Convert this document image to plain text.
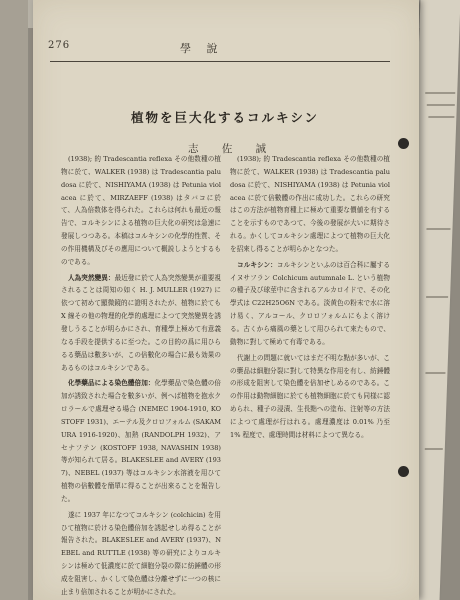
276	學 說
植物を巨大化するコルキシン
志 佐 誠

(1938); 的 Tradescantia reflexa その他数種の植物に於て、WALKER (1938) は Tradescantia paludosa に於て、NISHIYAMA (1938) は Petunia violacea に於て、MIRZAEFF (1938) はタバコに於て、人為倍数体を得られた。これらは何れも最近の報告で、コルキシンによる植物の巨大化の研究は急速に發展しつつある。本稿はコルキシンの化學的性質、その作用機構及びその應用について概説しようとするものである。

人為突然變異：最近發に於て人為突然變異が重要視されることは周知の如く H. J. MULLER (1927) に依つて初めて顯微鏡的に證明されたが、植物に於ても X 線その他の物理的化學的處理によつて突然變異を誘發しうることが明らかにされ、育種學上極めて有意義なる手段を提供するに至つた。この目的の爲に用ひらるる藥品は數多いが、この倍數化の場合に最も効果のあるものはコルキシンである。

化學藥品による染色體倍加：化學藥品で染色體の倍加が誘致された場合を數多いが、例へば植物を抱水クロラールで處理せる場合 (NEMEC 1904-1910, KOSTOFF 1931)、エーテル及クロロフォルム (SAKAMURA 1916-1920)、加熱 (RANDOLPH 1932)、アセナフテン (KOSTOFF 1938, NAVASHIN 1938) 等が知られて居る。BLAKESLEE and AVERY (1937)、NEBEL (1937) 等はコルキシン水溶液を用ひて植物の倍數體を簡單に得ることが出來ることを報告した。

遂に 1937 年になつてコルキシン (colchicin) を用ひて植物に於ける染色體倍加を誘起せしめ得ることが報告された。BLAKESLEE and AVERY (1937)、NEBEL and RUTTLE (1938) 等の研究によりコルキシンは極めて低濃度に於て細胞分裂の際に紡錘體の形成を阻害し、かくして染色體は分離せずに一つの核に止まり倍加されることが明かにされた。

(1938); 的 Tradescantia reflexa その他数種の植物に於て、WALKER (1938) は Tradescantia paludosa に於て、NISHIYAMA (1938) は Petunia violacea に於て倍數體の作出に成功した。これらの研究はこの方法が植物育種上に極めて重要な價値を有することを示すものであつて、今後の發展が大いに期待される。かくしてコルキシン處理によつて植物の巨大化を招來し得ることが明らかとなつた。

コルキシン：コルキシンといふのは百合科に屬するイヌサフラン Colchicum autumnale L. という植物の種子及び球莖中に含まれるアルカロイドで、その化學式は C22H25O6N である。淡黄色の粉末で水に溶け易く、アルコール、クロロフォルムにもよく溶ける。古くから痛風の藥として用ひられて來たもので、動物に對して極めて有毒である。

代謝上の問題に就いてはまだ不明な點が多いが、この藥品は細胞分裂に對して特異な作用を有し、紡錘體の形成を阻害して染色體を倍加せしめるのである。この作用は動物細胞に於ても植物細胞に於ても同様に認められ、種子の浸漬、生長點への塗布、注射等の方法によつて處理が行はれる。處理濃度は 0.01% 乃至 1% 程度で、處理時間は材料によつて異なる。
